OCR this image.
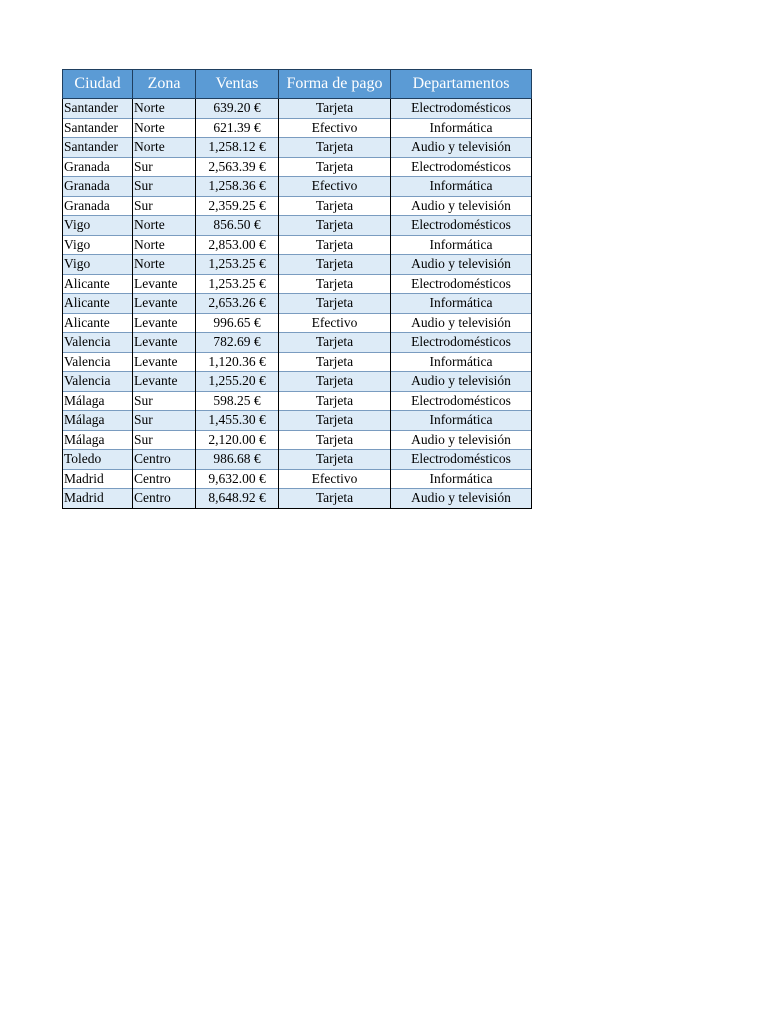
Ciudad	Zona	Ventas	Forma de pago	Departamentos
Santander	Norte	639.20 €	Tarjeta	Electrodomésticos
Santander	Norte	621.39 €	Efectivo	Informática
Santander	Norte	1,258.12 €	Tarjeta	Audio y televisión
Granada	Sur	2,563.39 €	Tarjeta	Electrodomésticos
Granada	Sur	1,258.36 €	Efectivo	Informática
Granada	Sur	2,359.25 €	Tarjeta	Audio y televisión
Vigo	Norte	856.50 €	Tarjeta	Electrodomésticos
Vigo	Norte	2,853.00 €	Tarjeta	Informática
Vigo	Norte	1,253.25 €	Tarjeta	Audio y televisión
Alicante	Levante	1,253.25 €	Tarjeta	Electrodomésticos
Alicante	Levante	2,653.26 €	Tarjeta	Informática
Alicante	Levante	996.65 €	Efectivo	Audio y televisión
Valencia	Levante	782.69 €	Tarjeta	Electrodomésticos
Valencia	Levante	1,120.36 €	Tarjeta	Informática
Valencia	Levante	1,255.20 €	Tarjeta	Audio y televisión
Málaga	Sur	598.25 €	Tarjeta	Electrodomésticos
Málaga	Sur	1,455.30 €	Tarjeta	Informática
Málaga	Sur	2,120.00 €	Tarjeta	Audio y televisión
Toledo	Centro	986.68 €	Tarjeta	Electrodomésticos
Madrid	Centro	9,632.00 €	Efectivo	Informática
Madrid	Centro	8,648.92 €	Tarjeta	Audio y televisión
